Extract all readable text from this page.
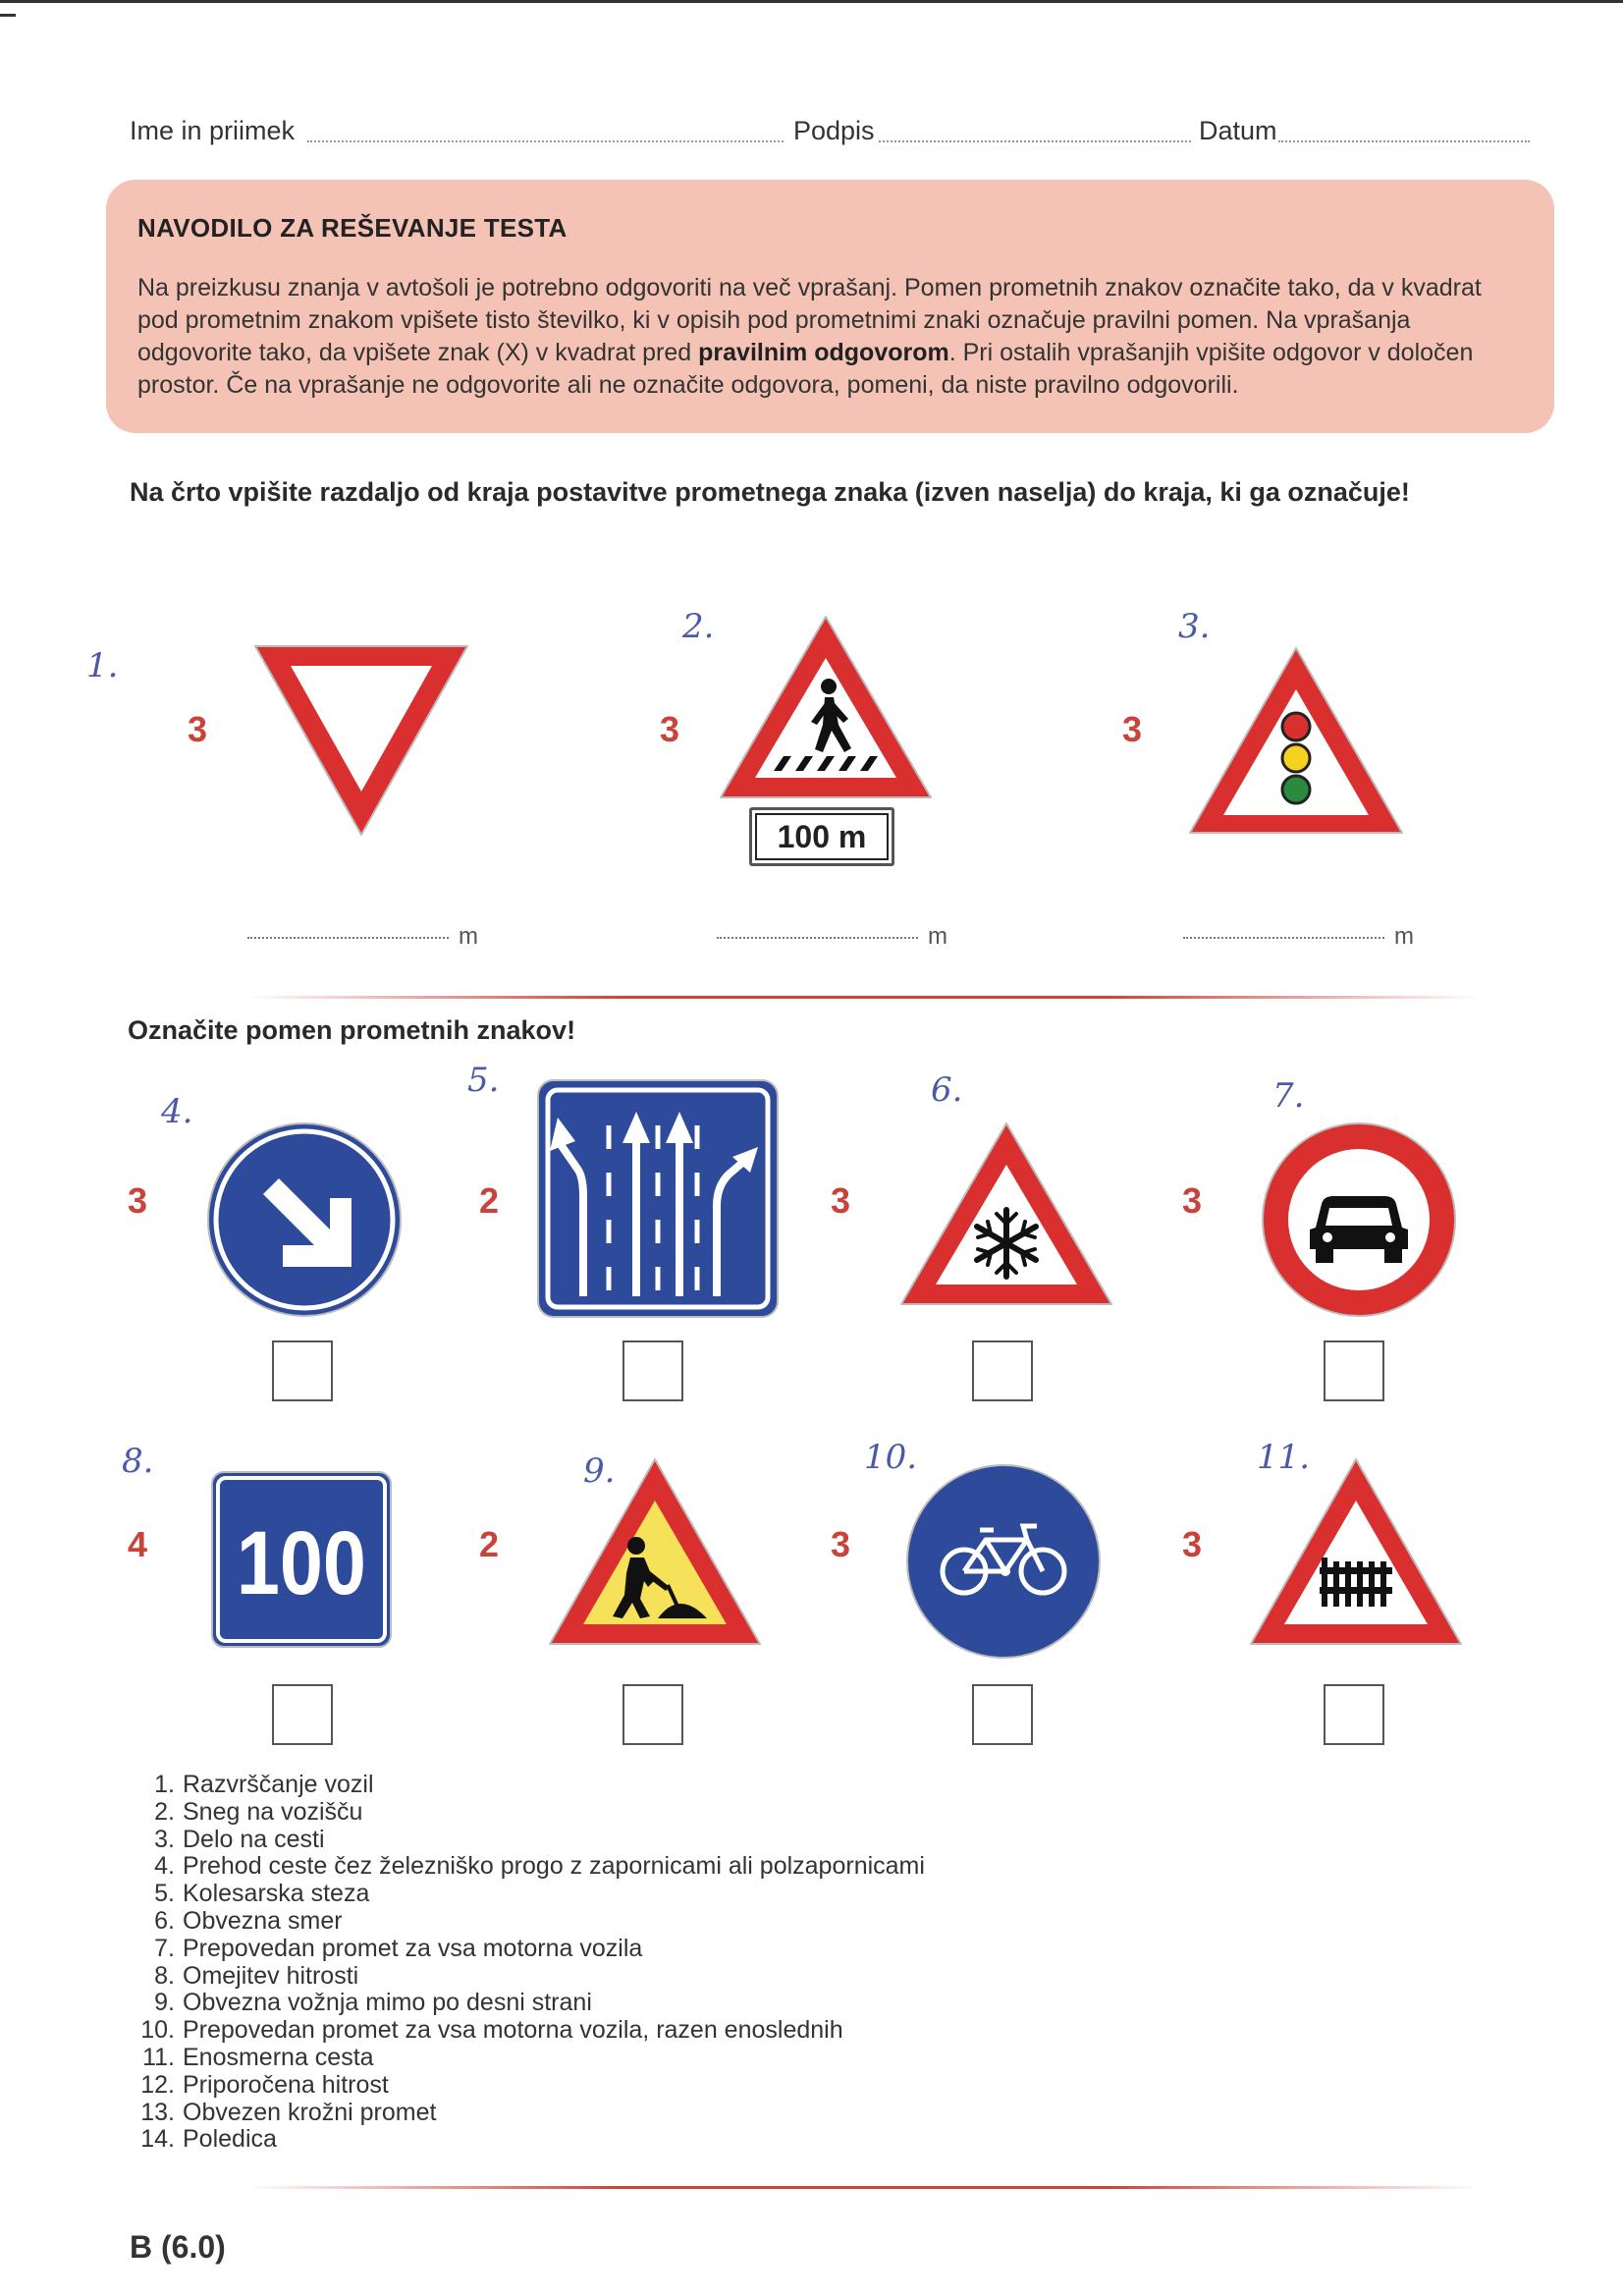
Ime in priimek	Podpis	Datum
NAVODILO ZA REŠEVANJE TESTA
Na preizkusu znanja v avtošoli je potrebno odgovoriti na več vprašanj. Pomen prometnih znakov označite tako, da v kvadrat pod prometnim znakom vpišete tisto številko, ki v opisih pod prometnimi znaki označuje pravilni pomen. Na vprašanja odgovorite tako, da vpišete znak (X) v kvadrat pred pravilnim odgovorom. Pri ostalih vprašanjih vpišite odgovor v določen prostor. Če na vprašanje ne odgovorite ali ne označite odgovora, pomeni, da niste pravilno odgovorili.
Na črto vpišite razdaljo od kraja postavitve prometnega znaka (izven naselja) do kraja, ki ga označuje!
1.
3
m
2.
3
100 m
m
3.
3
m
Označite pomen prometnih znakov!
4.
3
5.
2
6.
3
7.
3
8.
4 100
9.
2
10.
3
11.
3
1. Razvrščanje vozil
2. Sneg na vozišču
3. Delo na cesti
4. Prehod ceste čez železniško progo z zapornicami ali polzapornicami
5. Kolesarska steza
6. Obvezna smer
7. Prepovedan promet za vsa motorna vozila
8. Omejitev hitrosti
9. Obvezna vožnja mimo po desni strani
10. Prepovedan promet za vsa motorna vozila, razen enoslednih
11. Enosmerna cesta
12. Priporočena hitrost
13. Obvezen krožni promet
14. Poledica
B (6.0)
